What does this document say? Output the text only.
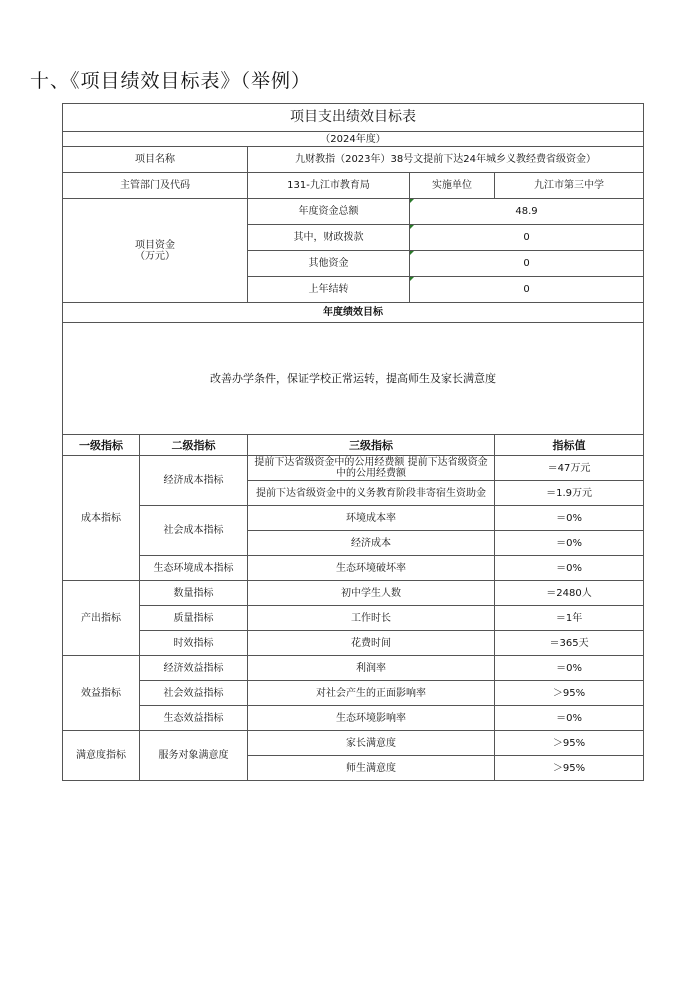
十、《项目绩效目标表》（举例）
项目支出绩效目标表				
（2024年度）				
项目名称		九财教指（2023年）38号文提前下达24年城乡义教经费省级资金）		
主管部门及代码		131-九江市教育局	实施单位	九江市第三中学

项目资金
（万元）		年度资金总额	48.9	
		其中，财政拨款	0	
		其他资金	0	
		上年结转	0	
年度绩效目标				
改善办学条件，保证学校正常运转，提高师生及家长满意度				
一级指标	二级指标	三级指标		指标值
成本指标	经济成本指标	提前下达省级资金中的公用经费额 提前下达省级资金中的公用经费额		＝47万元
		提前下达省级资金中的义务教育阶段非寄宿生资助金		＝1.9万元
	社会成本指标	环境成本率		＝0%
		经济成本		＝0%
	生态环境成本指标	生态环境破坏率		＝0%
产出指标	数量指标	初中学生人数		＝2480人
	质量指标	工作时长		＝1年
	时效指标	花费时间		＝365天
效益指标	经济效益指标	利润率		＝0%
	社会效益指标	对社会产生的正面影响率		＞95%
	生态效益指标	生态环境影响率		＝0%
满意度指标	服务对象满意度	家长满意度		＞95%
		师生满意度		＞95%
